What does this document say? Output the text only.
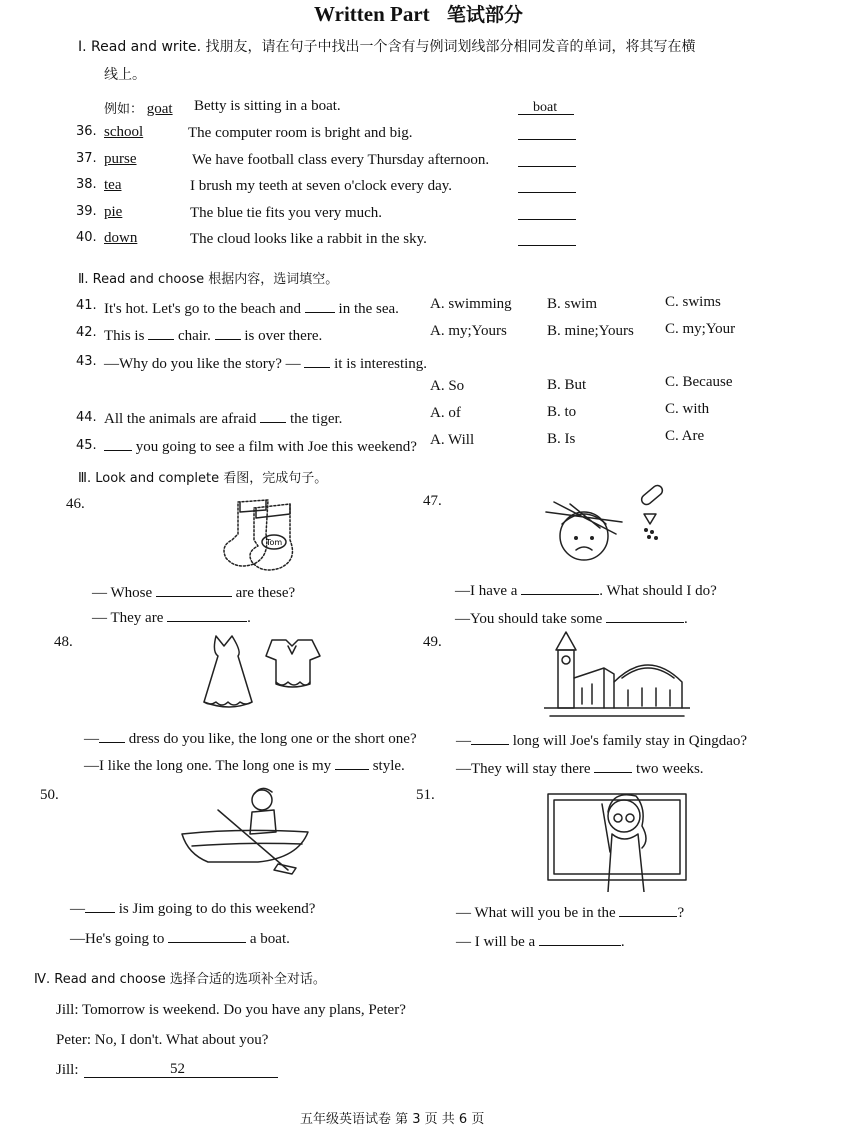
Written Part 笔试部分
Ⅰ. Read and write. 找朋友，请在句子中找出一个含有与例词划线部分相同发音的单词，将其写在横
线上。
例如： goat Betty is sitting in a boat.	boat
36. school	The computer room is bright and big.
37. purse	We have football class every Thursday afternoon.
38. tea	I brush my teeth at seven o'clock every day.
39. pie	The blue tie fits you very much.
40. down	The cloud looks like a rabbit in the sky.
Ⅱ. Read and choose 根据内容，选词填空。
41. It's hot. Let's go to the beach and	in the sea. A. swimming B. swim	C. swims
42. This is chair. is over there.	A. my;Yours	B. mine;Yours C. my;Your
43. —Why do you like the story? — it is interesting.
A. So	B. But	C. Because
44. All the animals are afraid the tiger.	A. of	B. to	C. with
45.	you going to see a film with Joe this weekend? A. Will	B. Is	C. Are
Ⅲ. Look and complete 看图，完成句子。
46.
Tom
— Whose	are these?
— They are	.
47.
—I have a	. What should I do?
—You should take some	.
48.
— dress do you like, the long one or the short one?
—I like the long one. The long one is my	style.
49.
—	long will Joe's family stay in Qingdao?
—They will stay there	two weeks.
50.
— is Jim going to do this weekend?
—He's going to	a boat.
51.
— What will you be in the	?
— I will be a	.
Ⅳ. Read and choose 选择合适的选项补全对话。
Jill: Tomorrow is weekend. Do you have any plans, Peter?
Peter: No, I don't. What about you?
Jill:	52
五年级英语试卷 第 3 页 共 6 页
